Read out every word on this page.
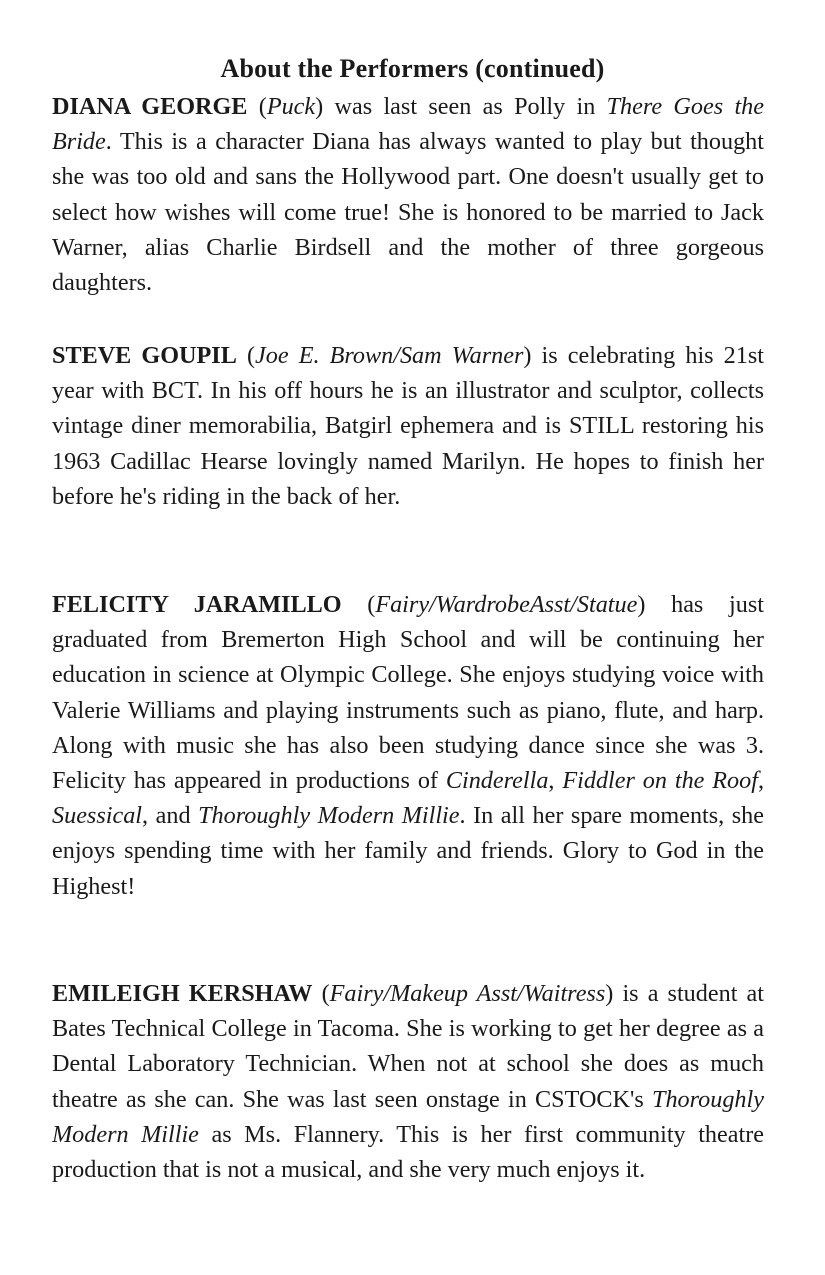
About the Performers (continued)

DIANA GEORGE (Puck) was last seen as Polly in There Goes the Bride. This is a character Diana has always wanted to play but thought she was too old and sans the Hollywood part. One doesn't usually get to select how wishes will come true! She is honored to be married to Jack Warner, alias Charlie Birdsell and the mother of three gorgeous daughters.

STEVE GOUPIL (Joe E. Brown/Sam Warner) is celebrating his 21st year with BCT. In his off hours he is an illustrator and sculptor, collects vintage diner memorabilia, Batgirl ephemera and is STILL restoring his 1963 Cadillac Hearse lovingly named Marilyn. He hopes to finish her before he's riding in the back of her.

FELICITY JARAMILLO (Fairy/WardrobeAsst/Statue) has just graduated from Bremerton High School and will be continuing her education in science at Olympic College. She enjoys studying voice with Valerie Williams and playing instruments such as piano, flute, and harp. Along with music she has also been studying dance since she was 3. Felicity has appeared in productions of Cinderella, Fiddler on the Roof, Suessical, and Thoroughly Modern Millie. In all her spare moments, she enjoys spending time with her family and friends. Glory to God in the Highest!

EMILEIGH KERSHAW (Fairy/Makeup Asst/Waitress) is a student at Bates Technical College in Tacoma. She is working to get her degree as a Dental Laboratory Technician. When not at school she does as much theatre as she can. She was last seen onstage in CSTOCK's Thoroughly Modern Millie as Ms. Flannery. This is her first community theatre production that is not a musical, and she very much enjoys it.
